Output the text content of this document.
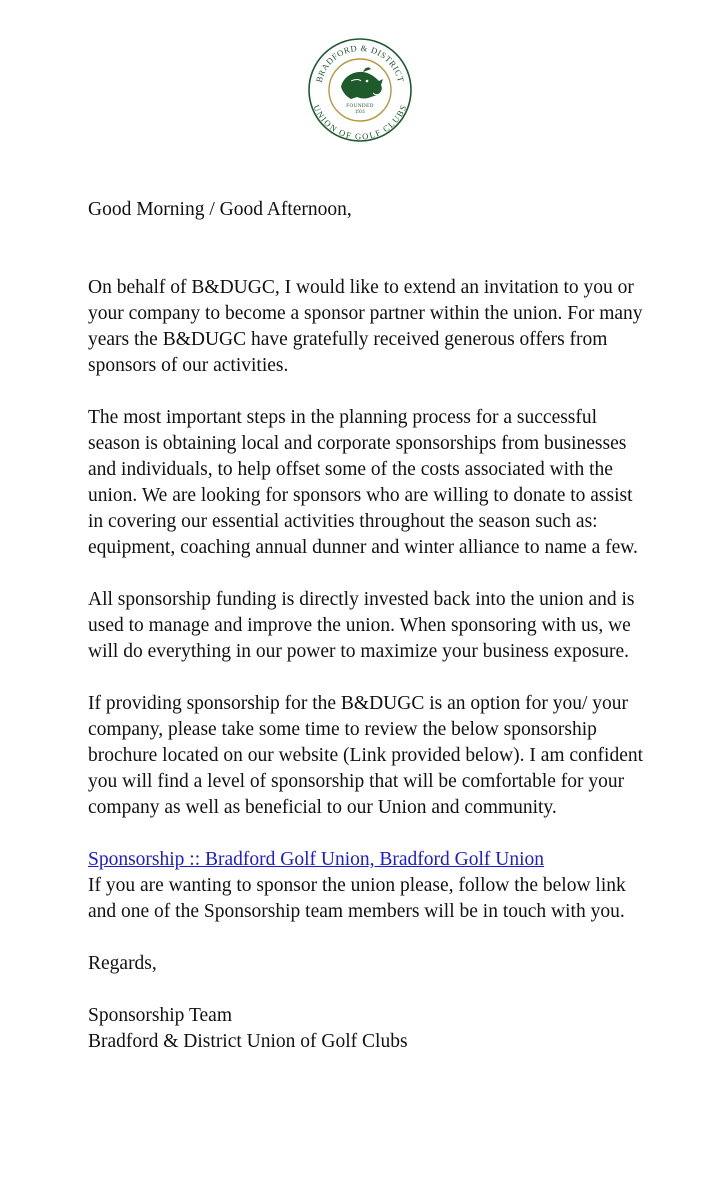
BRADFORD & DISTRICT
UNION OF GOLF CLUBS
FOUNDED
1931

Good Morning / Good Afternoon,

On behalf of B&DUGC, I would like to extend an invitation to you or your company to become a sponsor partner within the union. For many years the B&DUGC have gratefully received generous offers from sponsors of our activities.

The most important steps in the planning process for a successful season is obtaining local and corporate sponsorships from businesses and individuals, to help offset some of the costs associated with the union. We are looking for sponsors who are willing to donate to assist in covering our essential activities throughout the season such as: equipment, coaching annual dunner and winter alliance to name a few.

All sponsorship funding is directly invested back into the union and is used to manage and improve the union. When sponsoring with us, we will do everything in our power to maximize your business exposure.

If providing sponsorship for the B&DUGC is an option for you/ your company, please take some time to review the below sponsorship brochure located on our website (Link provided below). I am confident you will find a level of sponsorship that will be comfortable for your company as well as beneficial to our Union and community.

Sponsorship :: Bradford Golf Union, Bradford Golf Union

If you are wanting to sponsor the union please, follow the below link and one of the Sponsorship team members will be in touch with you.

Regards,

Sponsorship Team

Bradford & District Union of Golf Clubs
